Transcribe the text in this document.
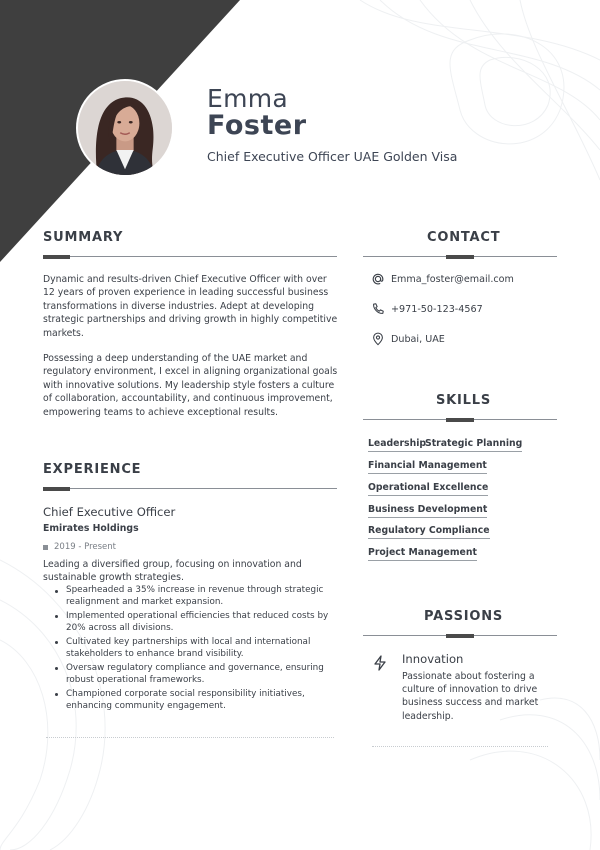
Emma
Foster
Chief Executive Officer UAE Golden Visa
SUMMARY
Dynamic and results-driven Chief Executive Officer with over 12 years of proven experience in leading successful business transformations in diverse industries. Adept at developing strategic partnerships and driving growth in highly competitive markets.
Possessing a deep understanding of the UAE market and regulatory environment, I excel in aligning organizational goals with innovative solutions. My leadership style fosters a culture of collaboration, accountability, and continuous improvement, empowering teams to achieve exceptional results.
EXPERIENCE
Chief Executive Officer
Emirates Holdings
2019 - Present
Leading a diversified group, focusing on innovation and sustainable growth strategies.
Spearheaded a 35% increase in revenue through strategic realignment and market expansion.
Implemented operational efficiencies that reduced costs by 20% across all divisions.
Cultivated key partnerships with local and international stakeholders to enhance brand visibility.
Oversaw regulatory compliance and governance, ensuring robust operational frameworks.
Championed corporate social responsibility initiatives, enhancing community engagement.
CONTACT
Emma_foster@email.com
+971-50-123-4567
Dubai, UAE
SKILLS
Leadership
Strategic Planning
Financial Management
Operational Excellence
Business Development
Regulatory Compliance
Project Management
PASSIONS
Innovation
Passionate about fostering a culture of innovation to drive business success and market leadership.
